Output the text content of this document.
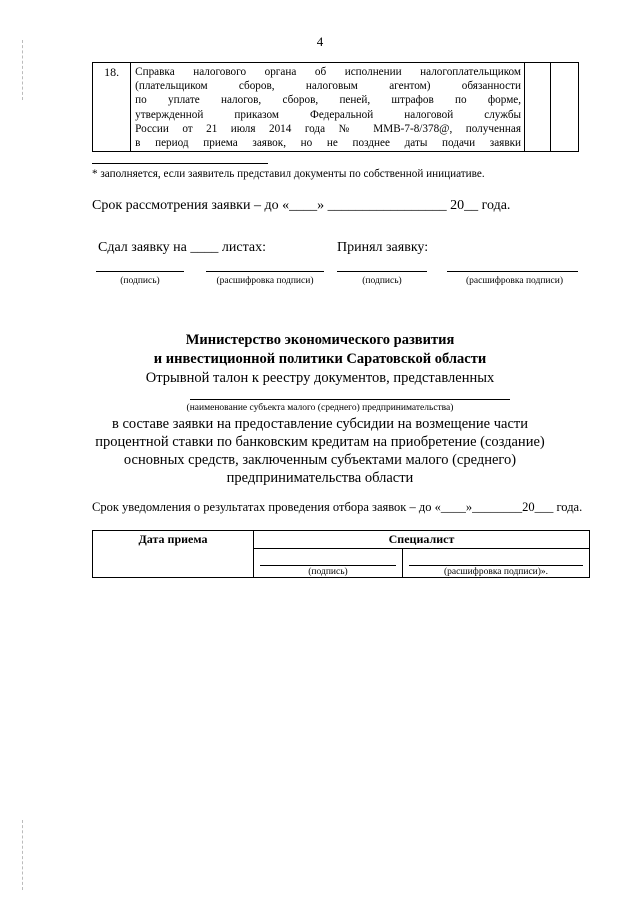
4
18.	Справка налогового органа об исполнении налогоплательщиком
(плательщиком сборов, налоговым агентом) обязанности
по уплате налогов, сборов, пеней, штрафов по форме,
утвержденной приказом Федеральной налоговой службы
России от 21 июля 2014 года № ММВ-7-8/378@, полученная
в период приема заявок, но не позднее даты подачи заявки

* заполняется, если заявитель представил документы по собственной инициативе.
Срок рассмотрения заявки – до «____» _________________ 20__ года.
Сдал заявку на ____ листах:	Принял заявку:
(подпись)	(расшифровка подписи)	(подпись)	(расшифровка подписи)
Министерство экономического развития
и инвестиционной политики Саратовской области
Отрывной талон к реестру документов, представленных
(наименование субъекта малого (среднего) предпринимательства)
в составе заявки на предоставление субсидии на возмещение части
процентной ставки по банковским кредитам на приобретение (создание)
основных средств, заключенным субъектами малого (среднего)
предпринимательства области
Срок уведомления о результатах проведения отбора заявок – до «____»________20___ года.
Дата приема	Специалист	

	(подпись)	(расшифровка подписи)».
